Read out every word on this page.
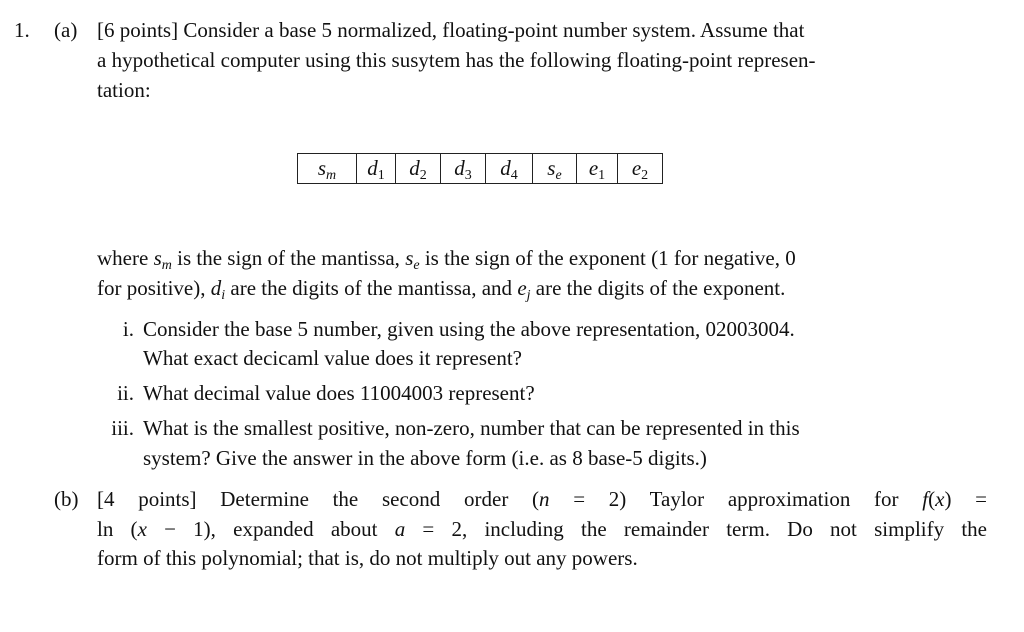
1. (a) [6 points] Consider a base 5 normalized, floating-point number system. Assume that
a hypothetical computer using this susytem has the following floating-point represen-
tation:
$s_m$	$d_1$	$d_2$	$d_3$	$d_4$	$s_e$	$e_1$	$e_2$
where $s_m$ is the sign of the mantissa, $s_e$ is the sign of the exponent (1 for negative, 0
for positive), $d_i$ are the digits of the mantissa, and $e_j$ are the digits of the exponent.
i. Consider the base 5 number, given using the above representation, 02003004.
What exact decicaml value does it represent?
ii. What decimal value does 11004003 represent?
iii. What is the smallest positive, non-zero, number that can be represented in this
system? Give the answer in the above form (i.e. as 8 base-5 digits.)
(b) [4 points] Determine the second order (n = 2) Taylor approximation for f(x) =
ln (x − 1), expanded about a = 2, including the remainder term. Do not simplify the
form of this polynomial; that is, do not multiply out any powers.
